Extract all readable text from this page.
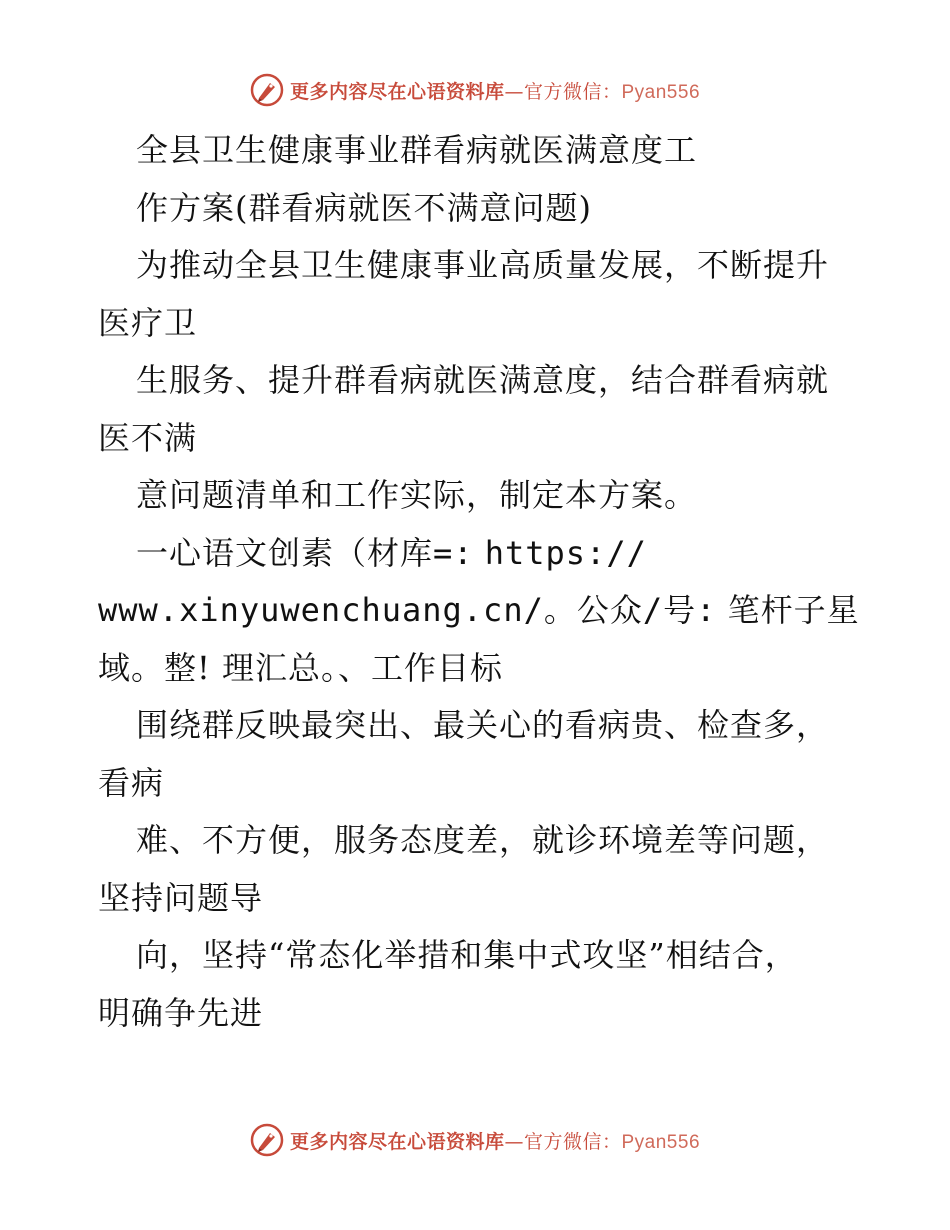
更多内容尽在心语资料库—官方微信：Pyan556
全县卫生健康事业群看病就医满意度工
作方案(群看病就医不满意问题)
为推动全县卫生健康事业高质量发展，不断提升
医疗卫
生服务、提升群看病就医满意度，结合群看病就
医不满
意问题清单和工作实际，制定本方案。
一心语文创素（材库=: https://
www.xinyuwenchuang.cn/。公众/号: 笔杆子星
域。整! 理汇总。、工作目标
围绕群反映最突出、最关心的看病贵、检查多，
看病
难、不方便，服务态度差，就诊环境差等问题，
坚持问题导
向，坚持“常态化举措和集中式攻坚”相结合，
明确争先进
更多内容尽在心语资料库—官方微信：Pyan556
